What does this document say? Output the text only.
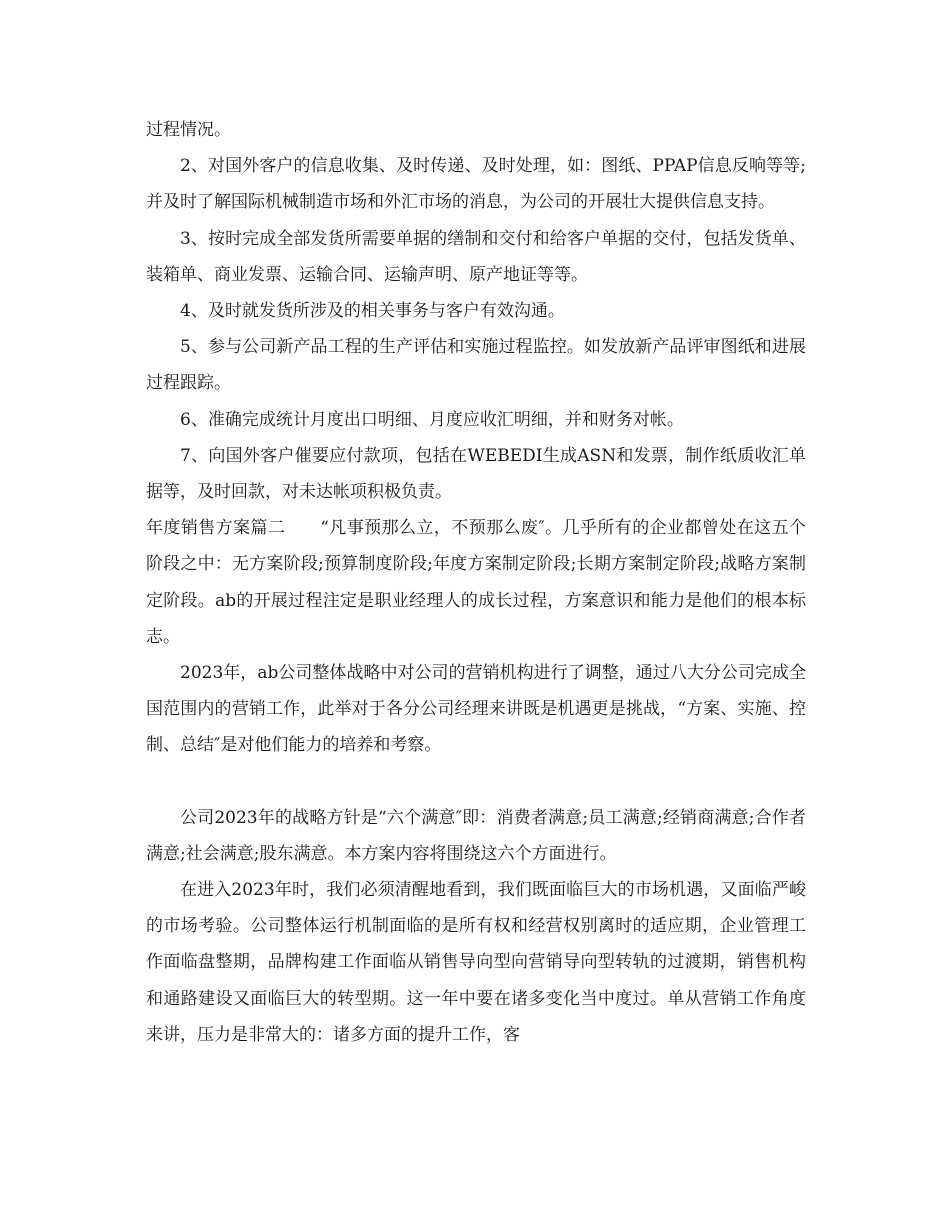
过程情况。

2、对国外客户的信息收集、及时传递、及时处理，如：图纸、PPAP信息反响等等;并及时了解国际机械制造市场和外汇市场的消息，为公司的开展壮大提供信息支持。

3、按时完成全部发货所需要单据的缮制和交付和给客户单据的交付，包括发货单、装箱单、商业发票、运输合同、运输声明、原产地证等等。

4、及时就发货所涉及的相关事务与客户有效沟通。

5、参与公司新产品工程的生产评估和实施过程监控。如发放新产品评审图纸和进展过程跟踪。

6、准确完成统计月度出口明细、月度应收汇明细，并和财务对帐。

7、向国外客户催要应付款项，包括在WEBEDI生成ASN和发票，制作纸质收汇单据等，及时回款，对未达帐项积极负责。

年度销售方案篇二　　“凡事预那么立，不预那么废″。几乎所有的企业都曾处在这五个阶段之中：无方案阶段;预算制度阶段;年度方案制定阶段;长期方案制定阶段;战略方案制定阶段。ab的开展过程注定是职业经理人的成长过程，方案意识和能力是他们的根本标志。

2023年，ab公司整体战略中对公司的营销机构进行了调整，通过八大分公司完成全国范围内的营销工作，此举对于各分公司经理来讲既是机遇更是挑战，“方案、实施、控制、总结″是对他们能力的培养和考察。

公司2023年的战略方针是“六个满意″即：消费者满意;员工满意;经销商满意;合作者满意;社会满意;股东满意。本方案内容将围绕这六个方面进行。

在进入2023年时，我们必须清醒地看到，我们既面临巨大的市场机遇，又面临严峻的市场考验。公司整体运行机制面临的是所有权和经营权别离时的适应期，企业管理工作面临盘整期，品牌构建工作面临从销售导向型向营销导向型转轨的过渡期，销售机构和通路建设又面临巨大的转型期。这一年中要在诸多变化当中度过。单从营销工作角度来讲，压力是非常大的：诸多方面的提升工作，客
